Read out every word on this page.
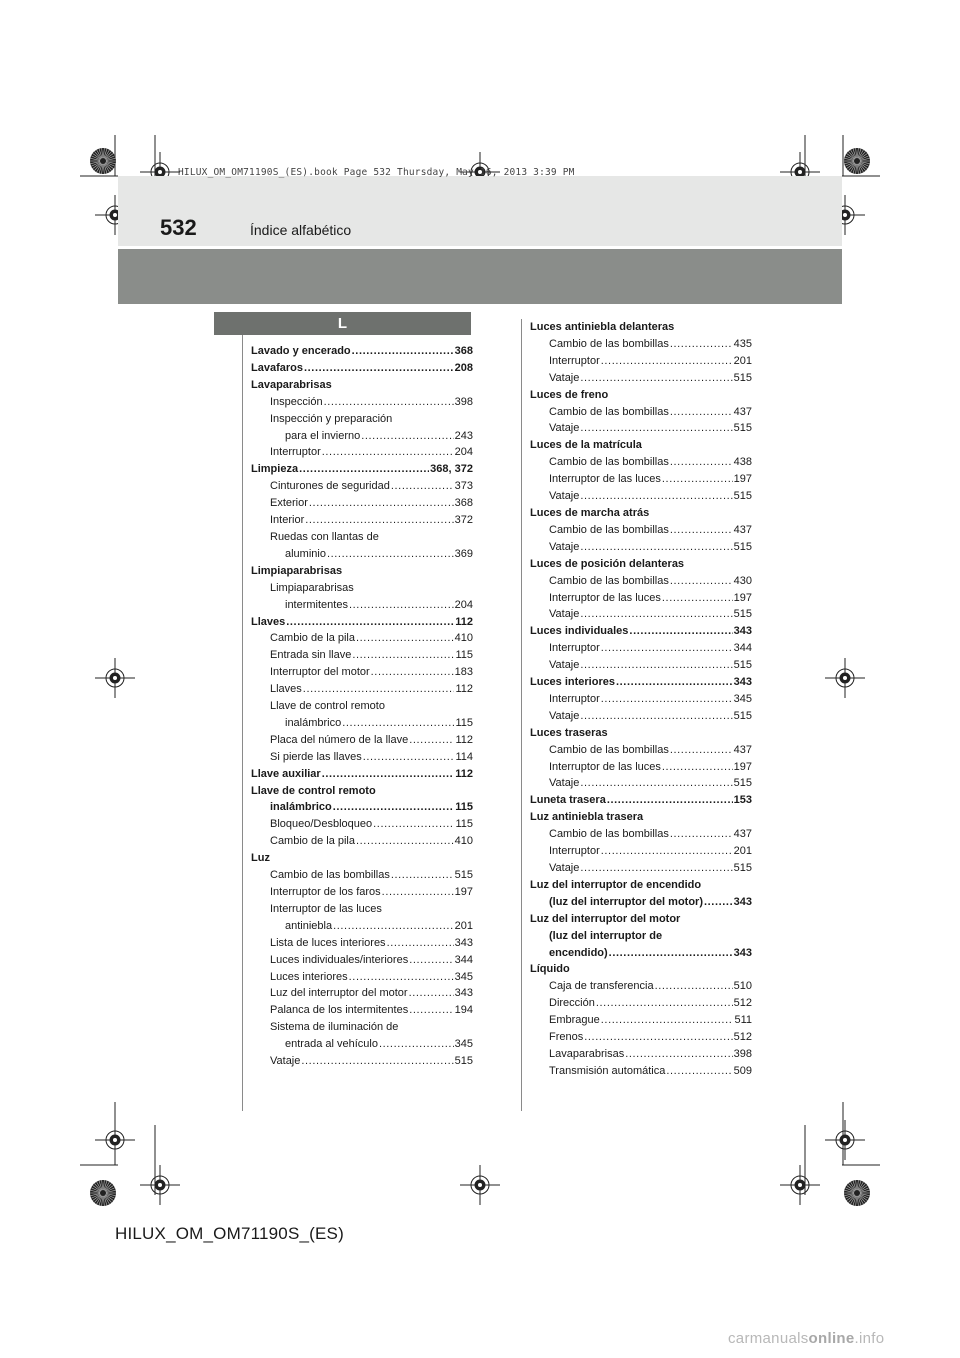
HILUX_OM_OM71190S_(ES).book Page 532 Thursday, May 16, 2013 3:39 PM
532	Índice alfabético
L
Lavado y encerado .....	368
Lavafaros .....	208
Lavaparabrisas
Inspección .....	398
Inspección y preparación
para el invierno .....	243
Interruptor .....	204
Limpieza .....	368, 372
Cinturones de seguridad .....	373
Exterior .....	368
Interior .....	372
Ruedas con llantas de
aluminio .....	369
Limpiaparabrisas
Limpiaparabrisas
intermitentes .....	204
Llaves .....	112
Cambio de la pila .....	410
Entrada sin llave .....	115
Interruptor del motor .....	183
Llaves .....	112
Llave de control remoto
inalámbrico .....	115
Placa del número de la llave .....	112
Si pierde las llaves .....	114
Llave auxiliar .....	112
Llave de control remoto
inalámbrico .....	115
Bloqueo/Desbloqueo .....	115
Cambio de la pila .....	410
Luz
Cambio de las bombillas .....	515
Interruptor de los faros .....	197
Interruptor de las luces
antiniebla .....	201
Lista de luces interiores .....	343
Luces individuales/interiores .....	344
Luces interiores .....	345
Luz del interruptor del motor .....	343
Palanca de los intermitentes .....	194
Sistema de iluminación de
entrada al vehículo .....	345
Vataje .....	515
Luces antiniebla delanteras
Cambio de las bombillas .....	435
Interruptor .....	201
Vataje .....	515
Luces de freno
Cambio de las bombillas .....	437
Vataje .....	515
Luces de la matrícula
Cambio de las bombillas .....	438
Interruptor de las luces .....	197
Vataje .....	515
Luces de marcha atrás
Cambio de las bombillas .....	437
Vataje .....	515
Luces de posición delanteras
Cambio de las bombillas .....	430
Interruptor de las luces .....	197
Vataje .....	515
Luces individuales .....	343
Interruptor .....	344
Vataje .....	515
Luces interiores .....	343
Interruptor .....	345
Vataje .....	515
Luces traseras
Cambio de las bombillas .....	437
Interruptor de las luces .....	197
Vataje .....	515
Luneta trasera .....	153
Luz antiniebla trasera
Cambio de las bombillas .....	437
Interruptor .....	201
Vataje .....	515
Luz del interruptor de encendido
(luz del interruptor del motor) .....	343
Luz del interruptor del motor
(luz del interruptor de
encendido) .....	343
Líquido
Caja de transferencia .....	510
Dirección .....	512
Embrague .....	511
Frenos .....	512
Lavaparabrisas .....	398
Transmisión automática .....	509
HILUX_OM_OM71190S_(ES)
carmanualsonline.info
